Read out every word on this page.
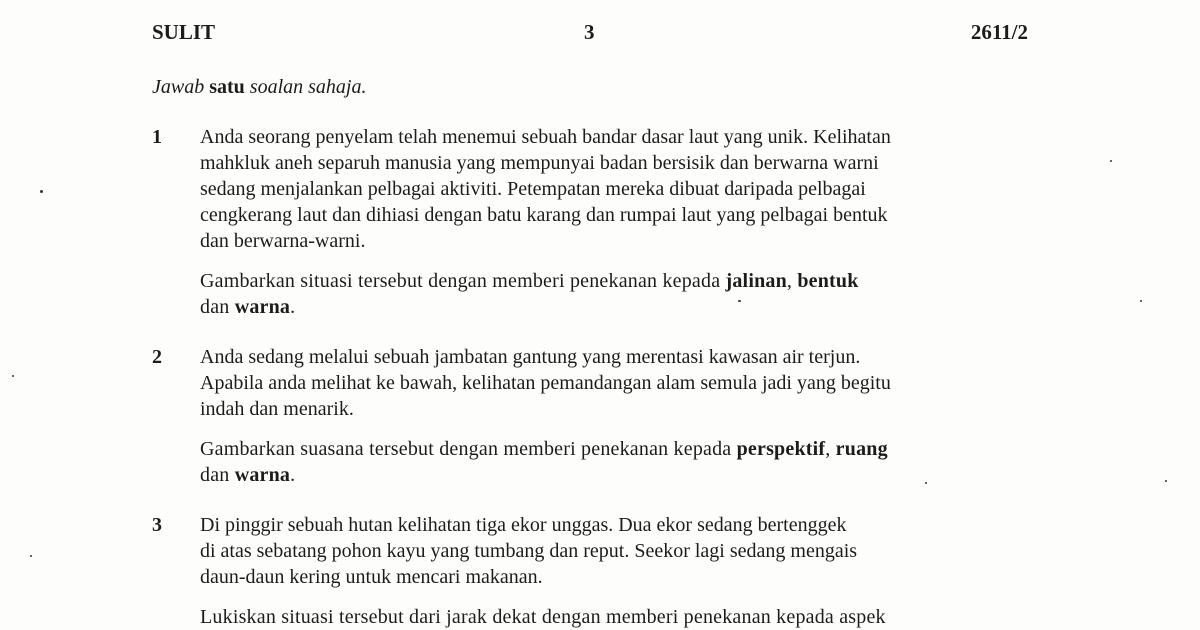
SULIT	3	2611/2
Jawab satu soalan sahaja.
1	Anda seorang penyelam telah menemui sebuah bandar dasar laut yang unik. Kelihatan
mahkluk aneh separuh manusia yang mempunyai badan bersisik dan berwarna warni
sedang menjalankan pelbagai aktiviti. Petempatan mereka dibuat daripada pelbagai
cengkerang laut dan dihiasi dengan batu karang dan rumpai laut yang pelbagai bentuk
dan berwarna-warni.

Gambarkan situasi tersebut dengan memberi penekanan kepada jalinan, bentuk
dan warna.

2	Anda sedang melalui sebuah jambatan gantung yang merentasi kawasan air terjun.
Apabila anda melihat ke bawah, kelihatan pemandangan alam semula jadi yang begitu
indah dan menarik.

Gambarkan suasana tersebut dengan memberi penekanan kepada perspektif, ruang
dan warna.

3	Di pinggir sebuah hutan kelihatan tiga ekor unggas. Dua ekor sedang bertenggek
di atas sebatang pohon kayu yang tumbang dan reput. Seekor lagi sedang mengais
daun-daun kering untuk mencari makanan.

Lukiskan situasi tersebut dari jarak dekat dengan memberi penekanan kepada aspek
